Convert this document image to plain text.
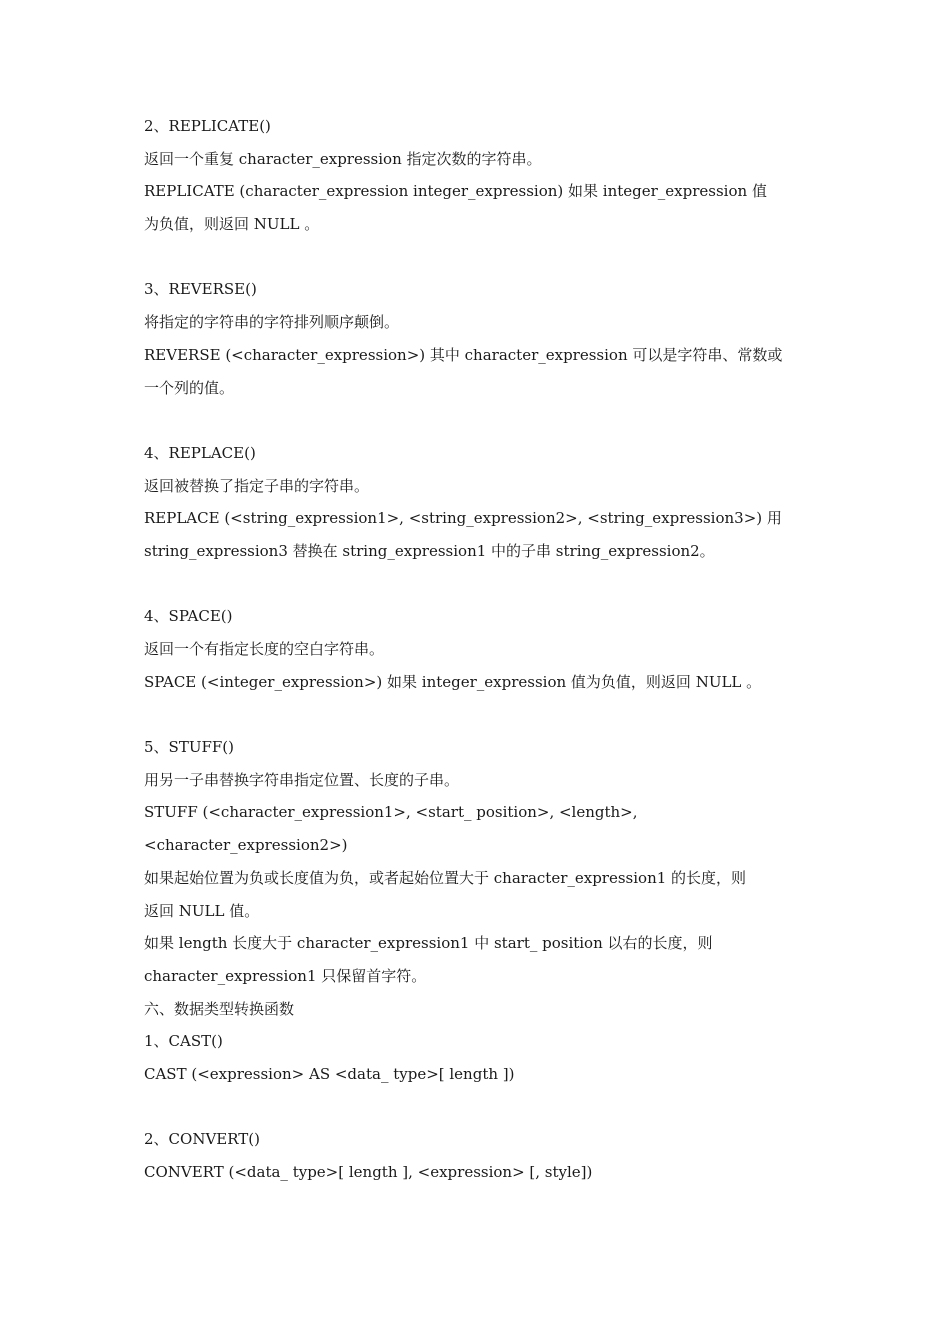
2、REPLICATE()

返回一个重复 character_expression 指定次数的字符串。

REPLICATE (character_expression integer_expression) 如果 integer_expression 值

为负值，则返回 NULL 。

3、REVERSE()

将指定的字符串的字符排列顺序颠倒。

REVERSE (<character_expression>) 其中 character_expression 可以是字符串、常数或

一个列的值。

4、REPLACE()

返回被替换了指定子串的字符串。

REPLACE (<string_expression1>, <string_expression2>, <string_expression3>) 用

string_expression3 替换在 string_expression1 中的子串 string_expression2。

4、SPACE()

返回一个有指定长度的空白字符串。

SPACE (<integer_expression>) 如果 integer_expression 值为负值，则返回 NULL 。

5、STUFF()

用另一子串替换字符串指定位置、长度的子串。

STUFF (<character_expression1>, <start_ position>, <length>,

<character_expression2>)

如果起始位置为负或长度值为负，或者起始位置大于 character_expression1 的长度，则

返回 NULL 值。

如果 length 长度大于 character_expression1 中 start_ position 以右的长度，则

character_expression1 只保留首字符。

六、数据类型转换函数

1、CAST()

CAST (<expression> AS <data_ type>[ length ])

2、CONVERT()

CONVERT (<data_ type>[ length ], <expression> [, style])
